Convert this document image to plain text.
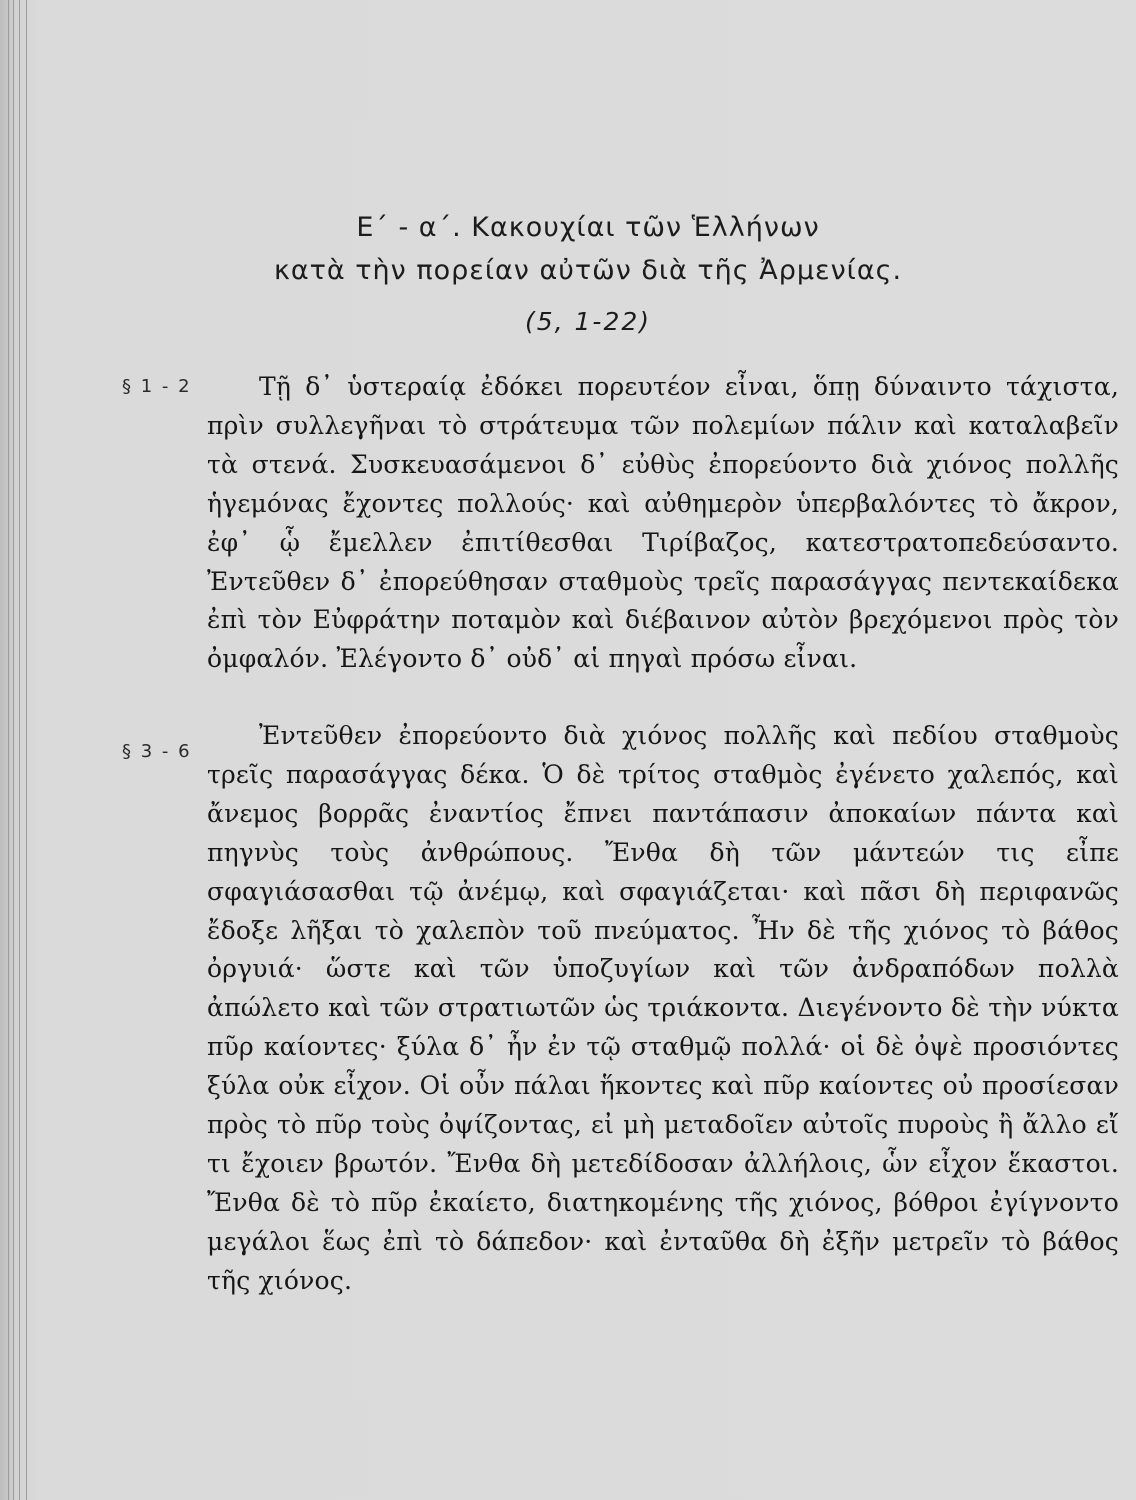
Ε΄ - α΄. Κακουχίαι τῶν Ἑλλήνων
κατὰ τὴν πορείαν αὐτῶν διὰ τῆς Ἀρμενίας.
(5, 1-22)
§ 1 - 2	Τῇ δ᾽ ὑστεραίᾳ ἐδόκει πορευτέον εἶναι, ὅπῃ δύναιντο τάχιστα, πρὶν συλλεγῆναι τὸ στράτευμα τῶν πολεμίων πάλιν καὶ καταλαβεῖν τὰ στενά. Συσκευασάμενοι δ᾽ εὐθὺς ἐπορεύοντο διὰ χιόνος πολλῆς ἡγεμόνας ἔχοντες πολλούς· καὶ αὐθημερὸν ὑπερβαλόντες τὸ ἄκρον, ἐφ᾽ ᾧ ἔμελλεν ἐπιτίθεσθαι Τιρίβαζος, κατεστρατοπεδεύσαντο. Ἐντεῦθεν δ᾽ ἐπορεύθησαν σταθμοὺς τρεῖς παρασάγγας πεντεκαίδεκα ἐπὶ τὸν Εὐφράτην ποταμὸν καὶ διέβαινον αὐτὸν βρεχόμενοι πρὸς τὸν ὀμφαλόν. Ἐλέγοντο δ᾽ οὐδ᾽ αἱ πηγαὶ πρόσω εἶναι.

§ 3 - 6

Ἐντεῦθεν ἐπορεύοντο διὰ χιόνος πολλῆς καὶ πεδίου σταθμοὺς τρεῖς παρασάγγας δέκα. Ὁ δὲ τρίτος σταθμὸς ἐγένετο χαλεπός, καὶ ἄνεμος βορρᾶς ἐναντίος ἔπνει παντάπασιν ἀποκαίων πάντα καὶ πηγνὺς τοὺς ἀνθρώπους. Ἔνθα δὴ τῶν μάντεών τις εἶπε σφαγιάσασθαι τῷ ἀνέμῳ, καὶ σφαγιάζεται· καὶ πᾶσι δὴ περιφανῶς ἔδοξε λῆξαι τὸ χαλεπὸν τοῦ πνεύματος. Ἦν δὲ τῆς χιόνος τὸ βάθος ὀργυιά· ὥστε καὶ τῶν ὑποζυγίων καὶ τῶν ἀνδραπόδων πολλὰ ἀπώλετο καὶ τῶν στρατιωτῶν ὡς τριάκοντα. Διεγένοντο δὲ τὴν νύκτα πῦρ καίοντες· ξύλα δ᾽ ἦν ἐν τῷ σταθμῷ πολλά· οἱ δὲ ὀψὲ προσιόντες ξύλα οὐκ εἶχον. Οἱ οὖν πάλαι ἥκοντες καὶ πῦρ καίοντες οὐ προσίεσαν πρὸς τὸ πῦρ τοὺς ὀψίζοντας, εἰ μὴ μεταδοῖεν αὐτοῖς πυροὺς ἢ ἄλλο εἴ τι ἔχοιεν βρωτόν. Ἔνθα δὴ μετεδίδοσαν ἀλλήλοις, ὧν εἶχον ἕκαστοι. Ἔνθα δὲ τὸ πῦρ ἐκαίετο, διατηκομένης τῆς χιόνος, βόθροι ἐγίγνοντο μεγάλοι ἕως ἐπὶ τὸ δάπεδον· καὶ ἐνταῦθα δὴ ἐξῆν μετρεῖν τὸ βάθος τῆς χιόνος.
